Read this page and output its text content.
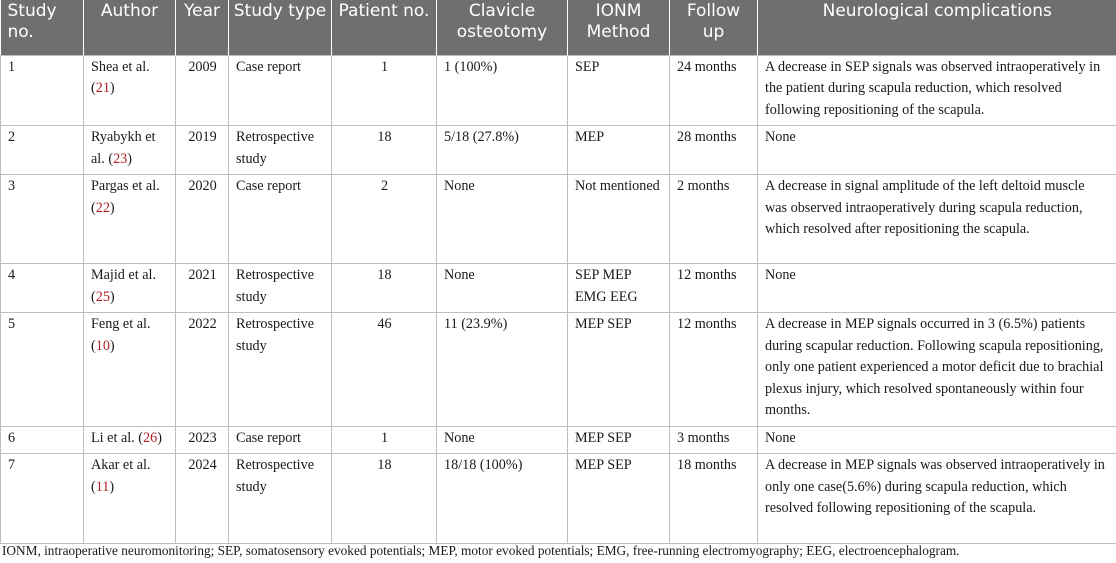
Study no.	Author	Year	Study type	Patient no.	Clavicle osteotomy	IONM Method	Follow up	Neurological complications
1	Shea et al. (21)	2009	Case report	1	1 (100%)	SEP	24 months	A decrease in SEP signals was observed intraoperatively in the patient during scapula reduction, which resolved following repositioning of the scapula.
2	Ryabykh et al. (23)	2019	Retrospective study	18	5/18 (27.8%)	MEP	28 months	None
3	Pargas et al. (22)	2020	Case report	2	None	Not mentioned	2 months	A decrease in signal amplitude of the left deltoid muscle was observed intraoperatively during scapula reduction, which resolved after repositioning the scapula.
4	Majid et al. (25)	2021	Retrospective study	18	None	SEP MEP EMG EEG	12 months	None
5	Feng et al. (10)	2022	Retrospective study	46	11 (23.9%)	MEP SEP	12 months	A decrease in MEP signals occurred in 3 (6.5%) patients during scapular reduction. Following scapula repositioning, only one patient experienced a motor deficit due to brachial plexus injury, which resolved spontaneously within four months.
6	Li et al. (26)	2023	Case report	1	None	MEP SEP	3 months	None
7	Akar et al. (11)	2024	Retrospective study	18	18/18 (100%)	MEP SEP	18 months	A decrease in MEP signals was observed intraoperatively in only one case(5.6%) during scapula reduction, which resolved following repositioning of the scapula.
IONM, intraoperative neuromonitoring; SEP, somatosensory evoked potentials; MEP, motor evoked potentials; EMG, free-running electromyography; EEG, electroencephalogram.
